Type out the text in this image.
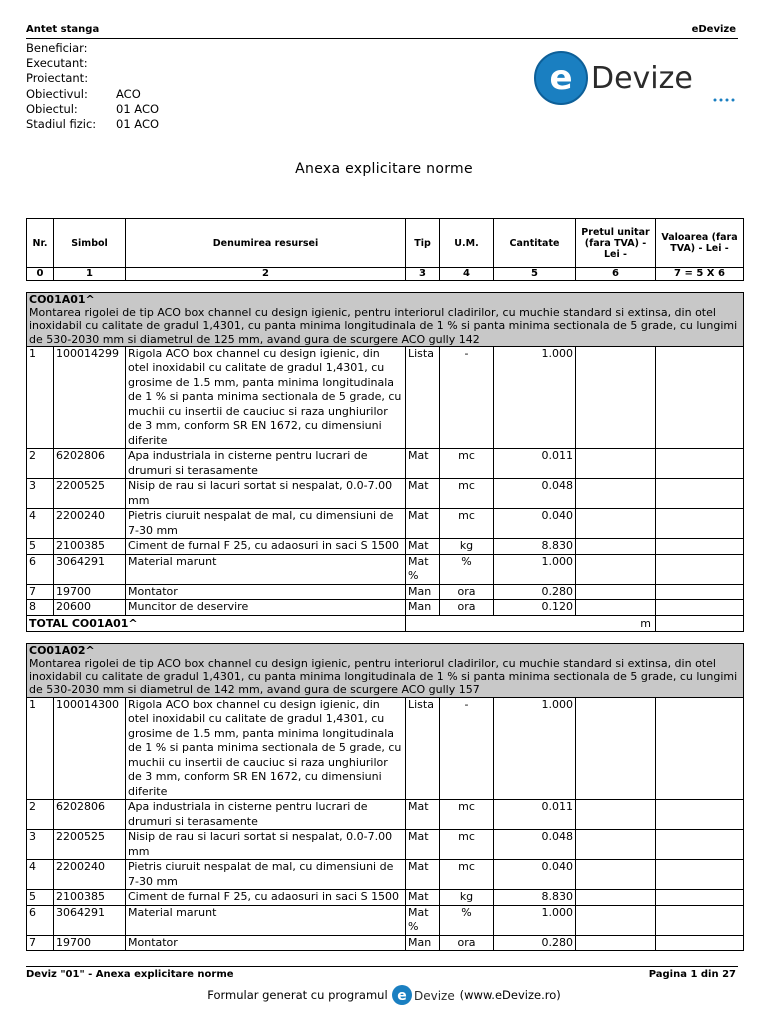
Antet stanga	eDevize
Beneficiar:
Executant:
Proiectant:
Obiectivul:	ACO
Obiectul:	01 ACO
Stadiul fizic:	01 ACO
e Devize
Anexa explicitare norme
Nr.	Simbol	Denumirea resursei	Tip	U.M.	Cantitate	Pretul unitar (fara TVA) - Lei -	Valoarea (fara TVA) - Lei -
0	1	2	3	4	5	6	7 = 5 X 6

CO01A01^
Montarea rigolei de tip ACO box channel cu design igienic, pentru interiorul cladirilor, cu muchie standard si extinsa, din otel inoxidabil cu calitate de gradul 1,4301, cu panta minima longitudinala de 1 % si panta minima sectionala de 5 grade, cu lungimi de 530-2030 mm si diametrul de 125 mm, avand gura de scurgere ACO gully 142							

1	100014299	Rigola ACO box channel cu design igienic, din otel inoxidabil cu calitate de gradul 1,4301, cu grosime de 1.5 mm, panta minima longitudinala de 1 % si panta minima sectionala de 5 grade, cu muchii cu insertii de cauciuc si raza unghiurilor de 3 mm, conform SR EN 1672, cu dimensiuni diferite	Lista	-	1.000		
2	6202806	Apa industriala in cisterne pentru lucrari de drumuri si terasamente	Mat	mc	0.011		
3	2200525	Nisip de rau si lacuri sortat si nespalat, 0.0-7.00 mm	Mat	mc	0.048		
4	2200240	Pietris ciuruit nespalat de mal, cu dimensiuni de 7-30 mm	Mat	mc	0.040		
5	2100385	Ciment de furnal F 25, cu adaosuri in saci S 1500	Mat	kg	8.830		
6	3064291	Material marunt	Mat %	%	1.000		
7	19700	Montator	Man	ora	0.280		
8	20600	Muncitor de deservire	Man	ora	0.120		
TOTAL CO01A01^			m				

CO01A02^
Montarea rigolei de tip ACO box channel cu design igienic, pentru interiorul cladirilor, cu muchie standard si extinsa, din otel inoxidabil cu calitate de gradul 1,4301, cu panta minima longitudinala de 1 % si panta minima sectionala de 5 grade, cu lungimi de 530-2030 mm si diametrul de 142 mm, avand gura de scurgere ACO gully 157							

1	100014300	Rigola ACO box channel cu design igienic, din otel inoxidabil cu calitate de gradul 1,4301, cu grosime de 1.5 mm, panta minima longitudinala de 1 % si panta minima sectionala de 5 grade, cu muchii cu insertii de cauciuc si raza unghiurilor de 3 mm, conform SR EN 1672, cu dimensiuni diferite	Lista	-	1.000		
2	6202806	Apa industriala in cisterne pentru lucrari de drumuri si terasamente	Mat	mc	0.011		
3	2200525	Nisip de rau si lacuri sortat si nespalat, 0.0-7.00 mm	Mat	mc	0.048		
4	2200240	Pietris ciuruit nespalat de mal, cu dimensiuni de 7-30 mm	Mat	mc	0.040		
5	2100385	Ciment de furnal F 25, cu adaosuri in saci S 1500	Mat	kg	8.830		
6	3064291	Material marunt	Mat %	%	1.000		
7	19700	Montator	Man	ora	0.280		
Deviz "01" - Anexa explicitare norme	Pagina 1 din 27
Formular generat cu programul e Devize (www.eDevize.ro)
